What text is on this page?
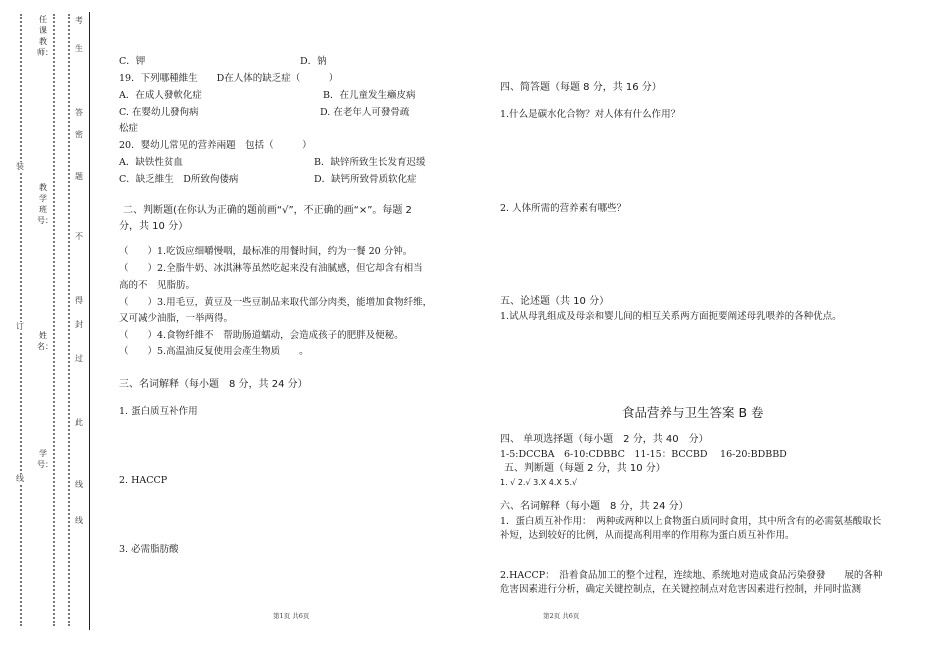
任课教师：
教学班号：
姓名：
学号：
考
生
答
密
题
不
得
封
过
此
线
线
装
订
线
C．钾	D．钠
19．下列哪種維生　　D在人体的缺乏症（　　　）
A．在成人發軟化症	B．在儿童发生癞皮病
C. 在婴幼儿發佝病	D. 在老年人可發骨疏
松症
20．婴幼儿常见的营养兩題　包括（　　　）
A．缺铁性贫血	B．缺锌所致生长发育迟缓
C．缺乏維生　D所致佝偻病	D．缺钙所致骨质软化症
二、判断题(在你认为正确的题前画“√”，不正确的画“×”。每题 2
分，共 10 分）
（　　）1.吃饭应细嚼慢咽，最标准的用餐时间，约为一餐 20 分钟。
（　　）2.全脂牛奶、冰淇淋等虽然吃起来没有油腻感，但它却含有相当
高的不　见脂肪。
（　　）3.用毛豆，黄豆及一些豆制品来取代部分肉类，能增加食物纤维，
又可减少油脂，一举两得。
（　　）4.食物纤維不　帮助肠道蠕动，会造成孩子的肥胖及便秘。
（　　）5.高温油反复使用会產生物质　　。
三、名词解释（每小题　8 分，共 24 分）
1. 蛋白质互补作用
2. HACCP
3. 必需脂肪酸
第1页 共6页
四、简答题（每题 8 分，共 16 分）
1.什么是碳水化合物？对人体有什么作用？
2. 人体所需的营养素有哪些？
五、论述题（共 10 分）
1.试从母乳组成及母亲和婴儿间的相互关系两方面扼要阐述母乳喂养的各种优点。
食品营养与卫生答案 B 卷
四、 单项选择题（每小题　2 分，共 40　分）
1-5:DCCBA　6-10:CDBBC　11-15：BCCBD　 16-20:BDBBD
五、判断题（每题 2 分，共 10 分）
1. √ 2.√ 3.X 4.X 5.√
六、名词解释（每小题　8 分，共 24 分）
1．蛋白质互补作用：　两种或两种以上食物蛋白质同时食用，其中所含有的必需氨基酸取长补短，达到较好的比例，从而提高利用率的作用称为蛋白质互补作用。
2.HACCP：　沿着食品加工的整个过程，连续地、系统地对造成食品污染發發　　展的各种危害因素进行分析，确定关键控制点，在关键控制点对危害因素进行控制，并同时监测
第2页 共6页
